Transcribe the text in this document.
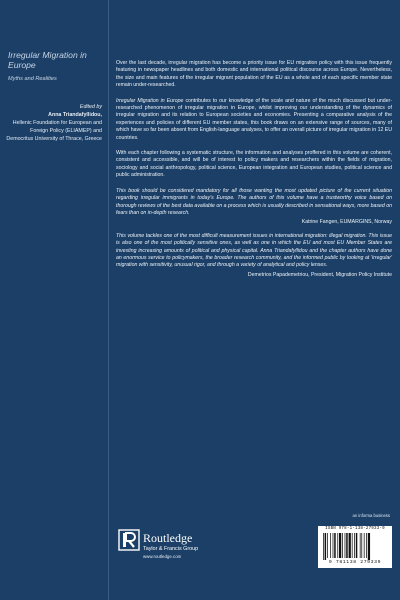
Irregular Migration in Europe
Myths and Realities
Edited by
Anna Triandafyllidou,
Hellenic Foundation for European and Foreign Policy (ELIAMEP) and Democritus University of Thrace, Greece

Over the last decade, irregular migration has become a priority issue for EU migration policy with this issue frequently featuring in newspaper headlines and both domestic and international political discourse across Europe. Nevertheless, the size and main features of the irregular migrant population of the EU as a whole and of each specific member state remain under-researched.

Irregular Migration in Europe contributes to our knowledge of the scale and nature of the much discussed but under-researched phenomenon of irregular migration in Europe, whilst improving our understanding of the dynamics of irregular migration and its relation to European societies and economies. Presenting a comparative analysis of the experiences and policies of different EU member states, this book draws on an extensive range of sources, many of which have so far been absent from English-language analyses, to offer an overall picture of irregular migration in 12 EU countries.

With each chapter following a systematic structure, the information and analyses proffered in this volume are coherent, consistent and accessible, and will be of interest to policy makers and researchers within the fields of migration, sociology and social anthropology, political science, European integration and European studies, political science and public administration.

This book should be considered mandatory for all those wanting the most updated picture of the current situation regarding irregular immigrants in today's Europe. The authors of this volume have a trustworthy voice based on thorough reviews of the best data available on a process which is usually described in sensational ways, more based on fears than on in-depth research.

Katrine Fangen, EUMARGINS, Norway

This volume tackles one of the most difficult measurement issues in international migration: illegal migration. This issue is also one of the most politically sensitive ones, as well as one in which the EU and most EU Member States are investing increasing amounts of political and physical capital. Anna Triandafyllidou and the chapter authors have done an enormous service to policymakers, the broader research community, and the informed public by looking at 'irregular' migration with sensitivity, unusual rigor, and through a variety of analytical and policy lenses.

Demetrios Papademetriou, President, Migration Policy Institute

an informa business
Routledge
Taylor & Francis Group
www.routledge.com
ISBN 978-1-138-27933-9
9 781138 279339
